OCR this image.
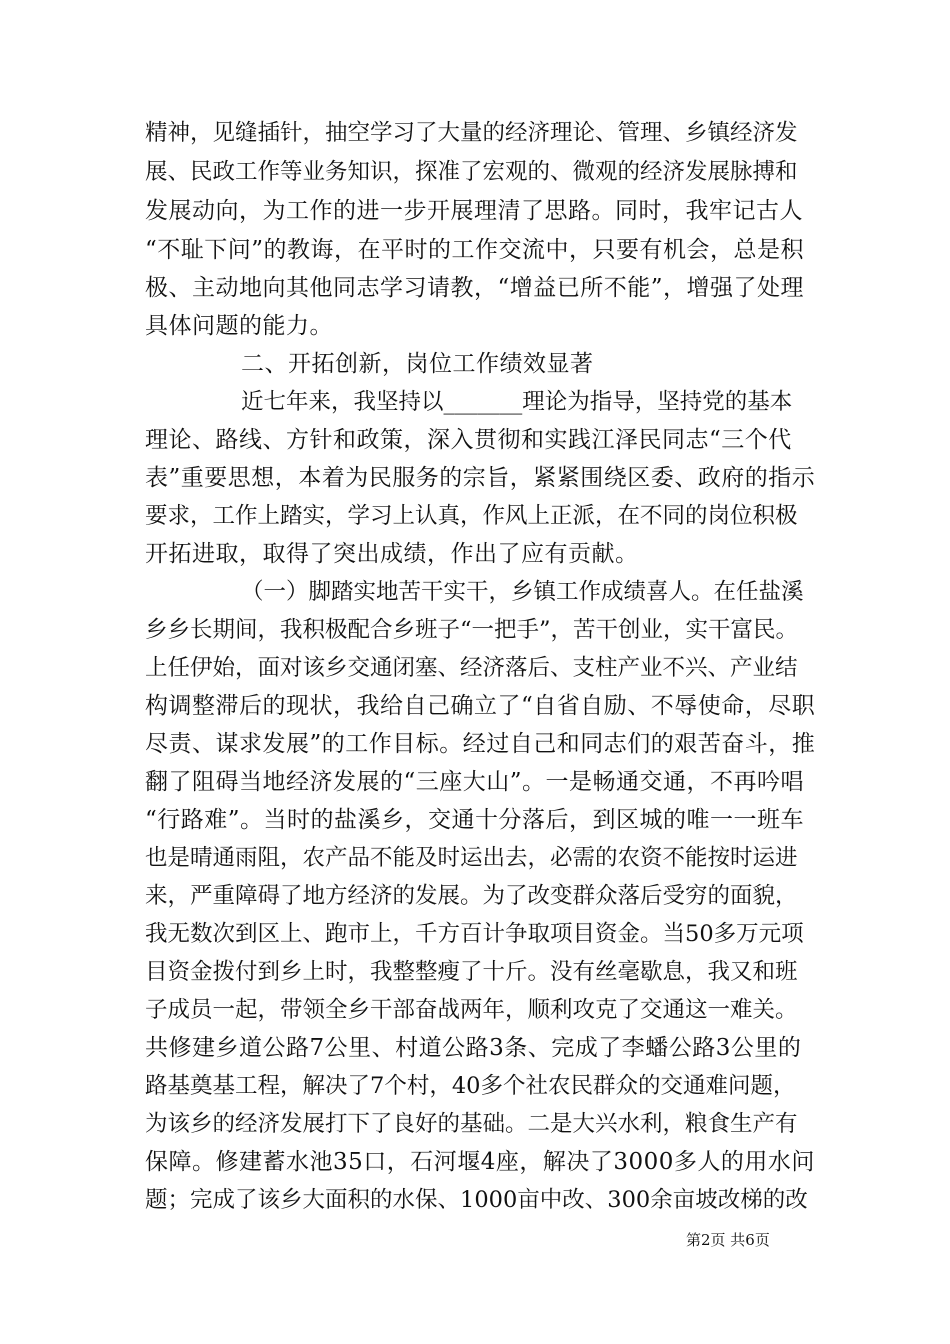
精神，见缝插针，抽空学习了大量的经济理论、管理、乡镇经济发
展、民政工作等业务知识，探准了宏观的、微观的经济发展脉搏和
发展动向，为工作的进一步开展理清了思路。同时，我牢记古人
“不耻下问”的教诲，在平时的工作交流中，只要有机会，总是积
极、主动地向其他同志学习请教，“增益已所不能”，增强了处理
具体问题的能力。
二、开拓创新，岗位工作绩效显著
近七年来，我坚持以_______理论为指导，坚持党的基本
理论、路线、方针和政策，深入贯彻和实践江泽民同志“三个代
表”重要思想，本着为民服务的宗旨，紧紧围绕区委、政府的指示
要求，工作上踏实，学习上认真，作风上正派，在不同的岗位积极
开拓进取，取得了突出成绩，作出了应有贡献。
（一）脚踏实地苦干实干，乡镇工作成绩喜人。在任盐溪
乡乡长期间，我积极配合乡班子“一把手”，苦干创业，实干富民。
上任伊始，面对该乡交通闭塞、经济落后、支柱产业不兴、产业结
构调整滞后的现状，我给自己确立了“自省自励、不辱使命，尽职
尽责、谋求发展”的工作目标。经过自己和同志们的艰苦奋斗，推
翻了阻碍当地经济发展的“三座大山”。一是畅通交通，不再吟唱
“行路难”。当时的盐溪乡，交通十分落后，到区城的唯一一班车
也是晴通雨阻，农产品不能及时运出去，必需的农资不能按时运进
来，严重障碍了地方经济的发展。为了改变群众落后受穷的面貌，
我无数次到区上、跑市上，千方百计争取项目资金。当50多万元项
目资金拨付到乡上时，我整整瘦了十斤。没有丝毫歇息，我又和班
子成员一起，带领全乡干部奋战两年，顺利攻克了交通这一难关。
共修建乡道公路7公里、村道公路3条、完成了李蟠公路3公里的
路基奠基工程，解决了7个村，40多个社农民群众的交通难问题，
为该乡的经济发展打下了良好的基础。二是大兴水利，粮食生产有
保障。修建蓄水池35口，石河堰4座，解决了3000多人的用水问
题；完成了该乡大面积的水保、1000亩中改、300余亩坡改梯的改
第2页 共6页
